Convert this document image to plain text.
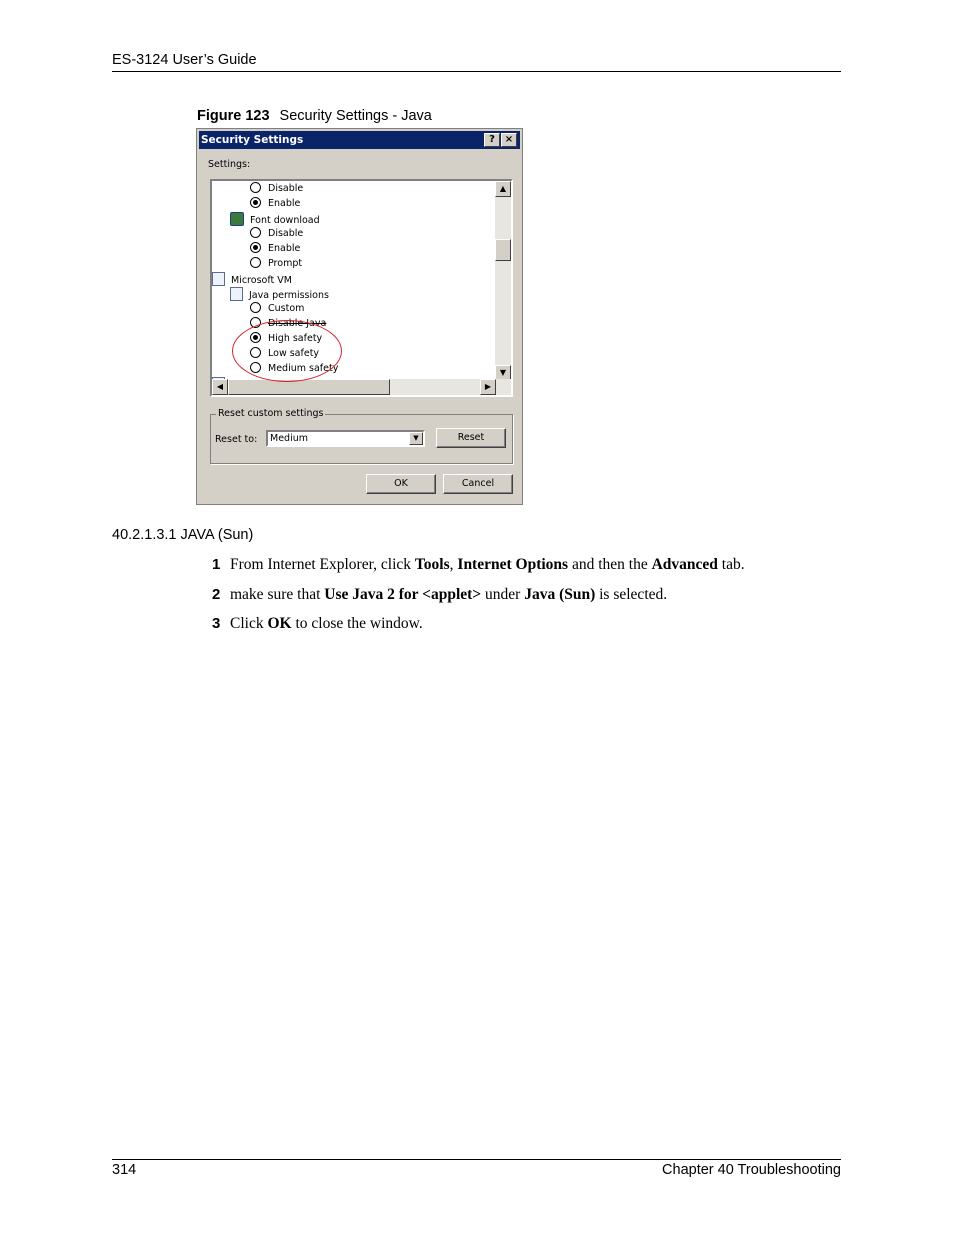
ES-3124 User’s Guide
Figure 123 Security Settings - Java
Security Settings	? ×
Settings:
Disable
Enable
Font download
Disable
Enable
Prompt
Microsoft VM
Java permissions
Custom
Disable Java
High safety
Low safety
Medium safety
▲
▼
◀	▶
Reset custom settings
Reset to:	Medium	▼	Reset
OK	Cancel
40.2.1.3.1 JAVA (Sun)
1 From Internet Explorer, click Tools, Internet Options and then the Advanced tab.
2 make sure that Use Java 2 for <applet> under Java (Sun) is selected.
3 Click OK to close the window.
314	Chapter 40 Troubleshooting
